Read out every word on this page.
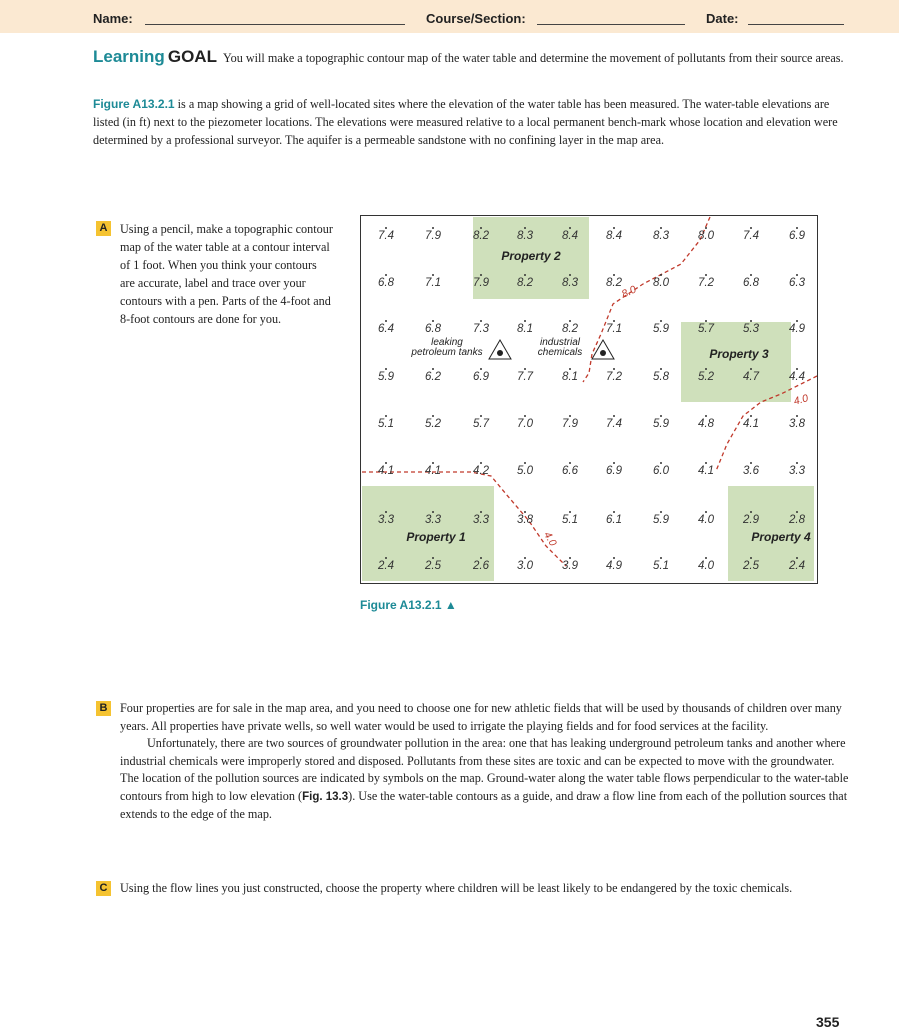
Name:	Course/Section:	Date:
Learning GOAL You will make a topographic contour map of the water table and determine the movement of pollutants from their source areas.
Figure A13.2.1 is a map showing a grid of well-located sites where the elevation of the water table has been measured. The water-table elevations are listed (in ft) next to the piezometer locations. The elevations were measured relative to a local permanent bench-mark whose location and elevation were determined by a professional surveyor. The aquifer is a permeable sandstone with no confining layer in the map area.
A Using a pencil, make a topographic contour map of the water table at a contour interval of 1 foot. When you think your contours are accurate, label and trace over your contours with a pen. Parts of the 4-foot and 8-foot contours are done for you.
Property 2
Property 3
Property 1	Property 4
leaking
petroleum tanks
industrial
chemicals
8.0
4.0
4.0
7.4	7.9	8.2 8.3	8.4 8.4	8.3	8.0	7.4	6.9
6.8	7.1	7.9 8.2	8.3 8.2	8.0	7.2	6.8	6.3
6.4	6.8	7.3 8.1	8.2 7.1	5.9	5.7	5.3	4.9
5.9	6.2	6.9 7.7	8.1 7.2	5.8	5.2	4.7	4.4
5.1	5.2	5.7 7.0	7.9 7.4	5.9	4.8	4.1	3.8
4.1	4.1	4.2 5.0	6.6 6.9	6.0	4.1	3.6	3.3
3.3	3.3	3.3 3.8	5.1 6.1	5.9	4.0	2.9	2.8
2.4	2.5	2.6 3.0	3.9 4.9	5.1	4.0	2.5	2.4
Figure A13.2.1 ▲
B Four properties are for sale in the map area, and you need to choose one for new athletic fields that will be used by thousands of children over many years. All properties have private wells, so well water would be used to irrigate the playing fields and for food services at the facility.
Unfortunately, there are two sources of groundwater pollution in the area: one that has leaking underground petroleum tanks and another where industrial chemicals were improperly stored and disposed. Pollutants from these sites are toxic and can be expected to move with the groundwater. The location of the pollution sources are indicated by symbols on the map. Ground-water along the water table flows perpendicular to the water-table contours from high to low elevation (Fig. 13.3). Use the water-table contours as a guide, and draw a flow line from each of the pollution sources that extends to the edge of the map.
C Using the flow lines you just constructed, choose the property where children will be least likely to be endangered by the toxic chemicals.
355
